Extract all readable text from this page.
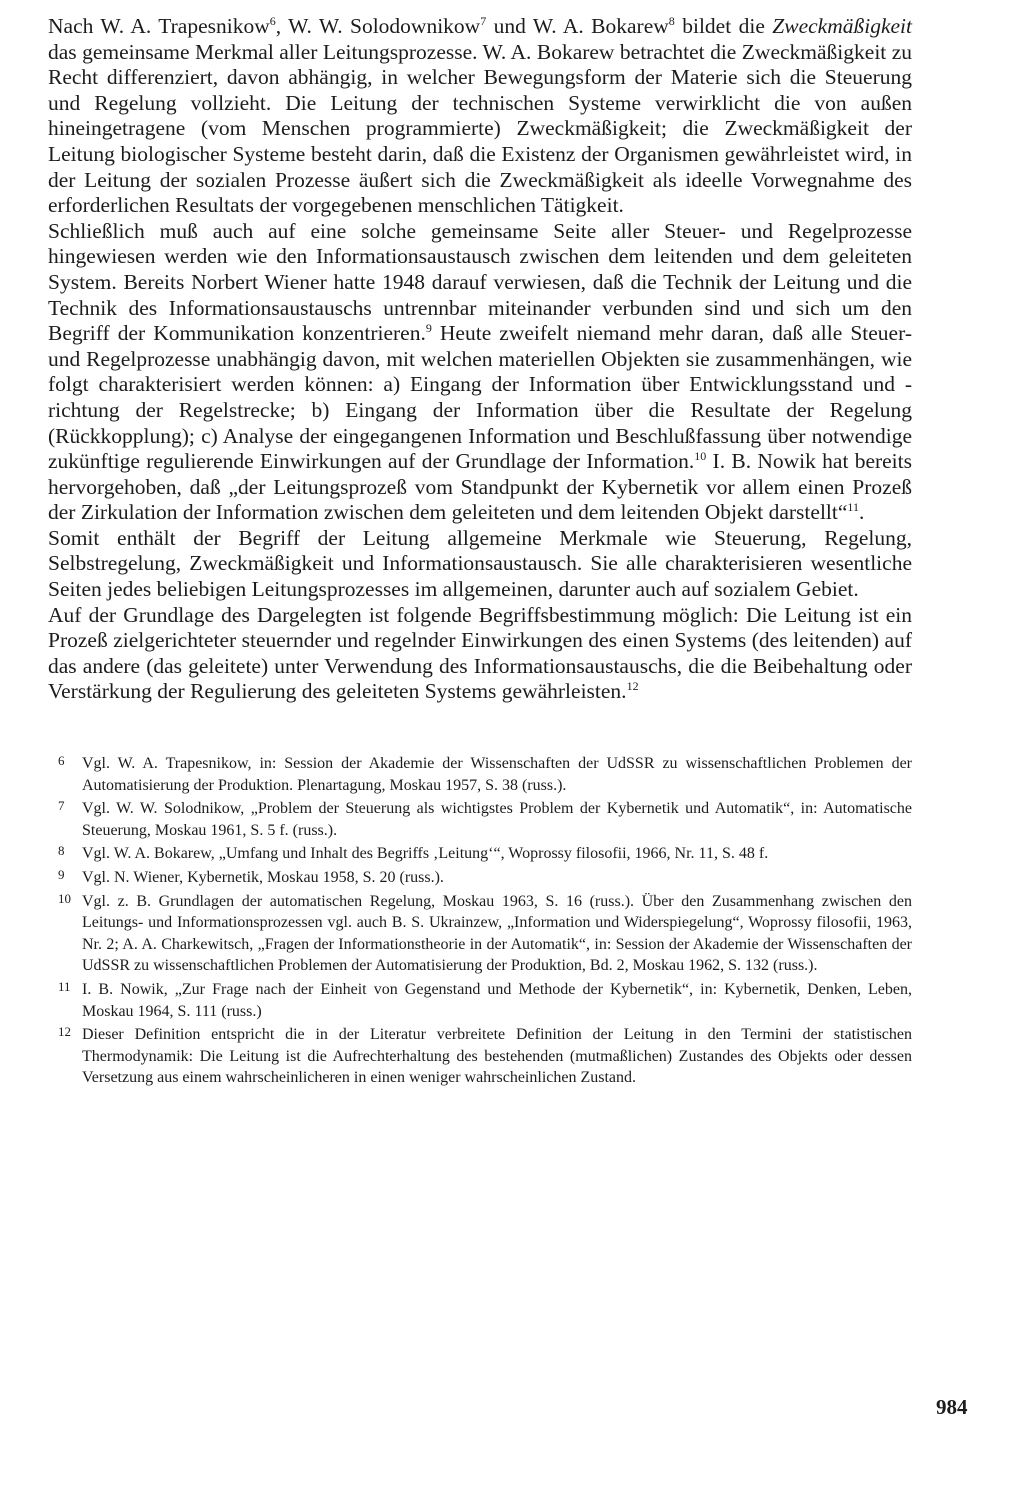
Nach W. A. Trapesnikow$^6$, W. W. Solodownikow$^7$ und W. A. Bokarew$^8$ bildet die Zweckmäßigkeit das gemeinsame Merkmal aller Leitungsprozesse. W. A. Bokarew betrachtet die Zweckmäßigkeit zu Recht differenziert, davon abhängig, in welcher Bewegungsform der Materie sich die Steuerung und Regelung vollzieht. Die Leitung der technischen Systeme verwirklicht die von außen hineingetragene (vom Menschen programmierte) Zweckmäßigkeit; die Zweckmäßigkeit der Leitung biologischer Systeme besteht darin, daß die Existenz der Organismen gewährleistet wird, in der Leitung der sozialen Prozesse äußert sich die Zweckmäßigkeit als ideelle Vorwegnahme des erforderlichen Resultats der vorgegebenen menschlichen Tätigkeit.

Schließlich muß auch auf eine solche gemeinsame Seite aller Steuer- und Regelprozesse hingewiesen werden wie den Informationsaustausch zwischen dem leitenden und dem geleiteten System. Bereits Norbert Wiener hatte 1948 darauf verwiesen, daß die Technik der Leitung und die Technik des Informationsaustauschs untrennbar miteinander verbunden sind und sich um den Begriff der Kommunikation konzentrieren.$^9$ Heute zweifelt niemand mehr daran, daß alle Steuer- und Regelprozesse unabhängig davon, mit welchen materiellen Objekten sie zusammenhängen, wie folgt charakterisiert werden können: a) Eingang der Information über Entwicklungsstand und -richtung der Regelstrecke; b) Eingang der Information über die Resultate der Regelung (Rückkopplung); c) Analyse der eingegangenen Information und Beschlußfassung über notwendige zukünftige regulierende Einwirkungen auf der Grundlage der Information.$^{10}$ I. B. Nowik hat bereits hervorgehoben, daß „der Leitungsprozeß vom Standpunkt der Kybernetik vor allem einen Prozeß der Zirkulation der Information zwischen dem geleiteten und dem leitenden Objekt darstellt“$^{11}$.

Somit enthält der Begriff der Leitung allgemeine Merkmale wie Steuerung, Regelung, Selbstregelung, Zweckmäßigkeit und Informationsaustausch. Sie alle charakterisieren wesentliche Seiten jedes beliebigen Leitungsprozesses im allgemeinen, darunter auch auf sozialem Gebiet.

Auf der Grundlage des Dargelegten ist folgende Begriffsbestimmung möglich: Die Leitung ist ein Prozeß zielgerichteter steuernder und regelnder Einwirkungen des einen Systems (des leitenden) auf das andere (das geleitete) unter Verwendung des Informationsaustauschs, die die Beibehaltung oder Verstärkung der Regulierung des geleiteten Systems gewährleisten.$^{12}$

6 Vgl. W. A. Trapesnikow, in: Session der Akademie der Wissenschaften der UdSSR zu wissenschaftlichen Problemen der Automatisierung der Produktion. Plenartagung, Moskau 1957, S. 38 (russ.).
7 Vgl. W. W. Solodnikow, „Problem der Steuerung als wichtigstes Problem der Kybernetik und Automatik“, in: Automatische Steuerung, Moskau 1961, S. 5 f. (russ.).
8 Vgl. W. A. Bokarew, „Umfang und Inhalt des Begriffs ‚Leitung‘“, Woprossy filosofii, 1966, Nr. 11, S. 48 f.
9 Vgl. N. Wiener, Kybernetik, Moskau 1958, S. 20 (russ.).
10 Vgl. z. B. Grundlagen der automatischen Regelung, Moskau 1963, S. 16 (russ.). Über den Zusammenhang zwischen den Leitungs- und Informationsprozessen vgl. auch B. S. Ukrainzew, „Information und Widerspiegelung“, Woprossy filosofii, 1963, Nr. 2; A. A. Charkewitsch, „Fragen der Informationstheorie in der Automatik“, in: Session der Akademie der Wissenschaften der UdSSR zu wissenschaftlichen Problemen der Automatisierung der Produktion, Bd. 2, Moskau 1962, S. 132 (russ.).
11 I. B. Nowik, „Zur Frage nach der Einheit von Gegenstand und Methode der Kybernetik“, in: Kybernetik, Denken, Leben, Moskau 1964, S. 111 (russ.)
12 Dieser Definition entspricht die in der Literatur verbreitete Definition der Leitung in den Termini der statistischen Thermodynamik: Die Leitung ist die Aufrechterhaltung des bestehenden (mutmaßlichen) Zustandes des Objekts oder dessen Versetzung aus einem wahrscheinlicheren in einen weniger wahrscheinlichen Zustand.
984
